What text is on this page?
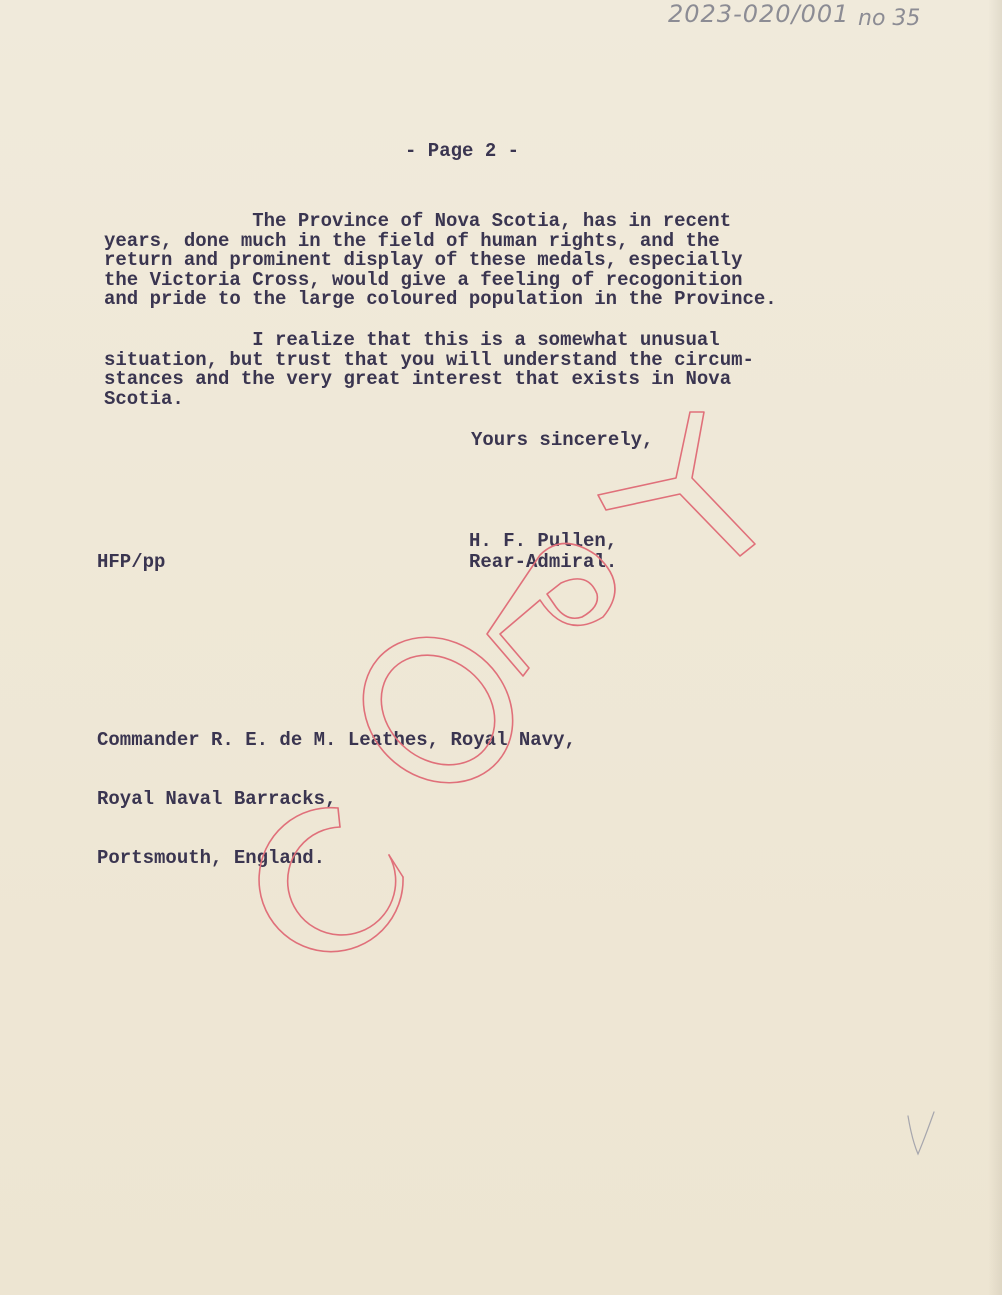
2023-020/001 no 35
- Page 2 -
The Province of Nova Scotia, has in recent
years, done much in the field of human rights, and the
return and prominent display of these medals, especially
the Victoria Cross, would give a feeling of recogonition
and pride to the large coloured population in the Province.
I realize that this is a somewhat unusual
situation, but trust that you will understand the circum-
stances and the very great interest that exists in Nova
Scotia.
Yours sincerely,
H. F. Pullen,
Rear-Admiral.
HFP/pp

Commander R. E. de M. Leathes, Royal Navy,

Royal Naval Barracks,

Portsmouth, England.
